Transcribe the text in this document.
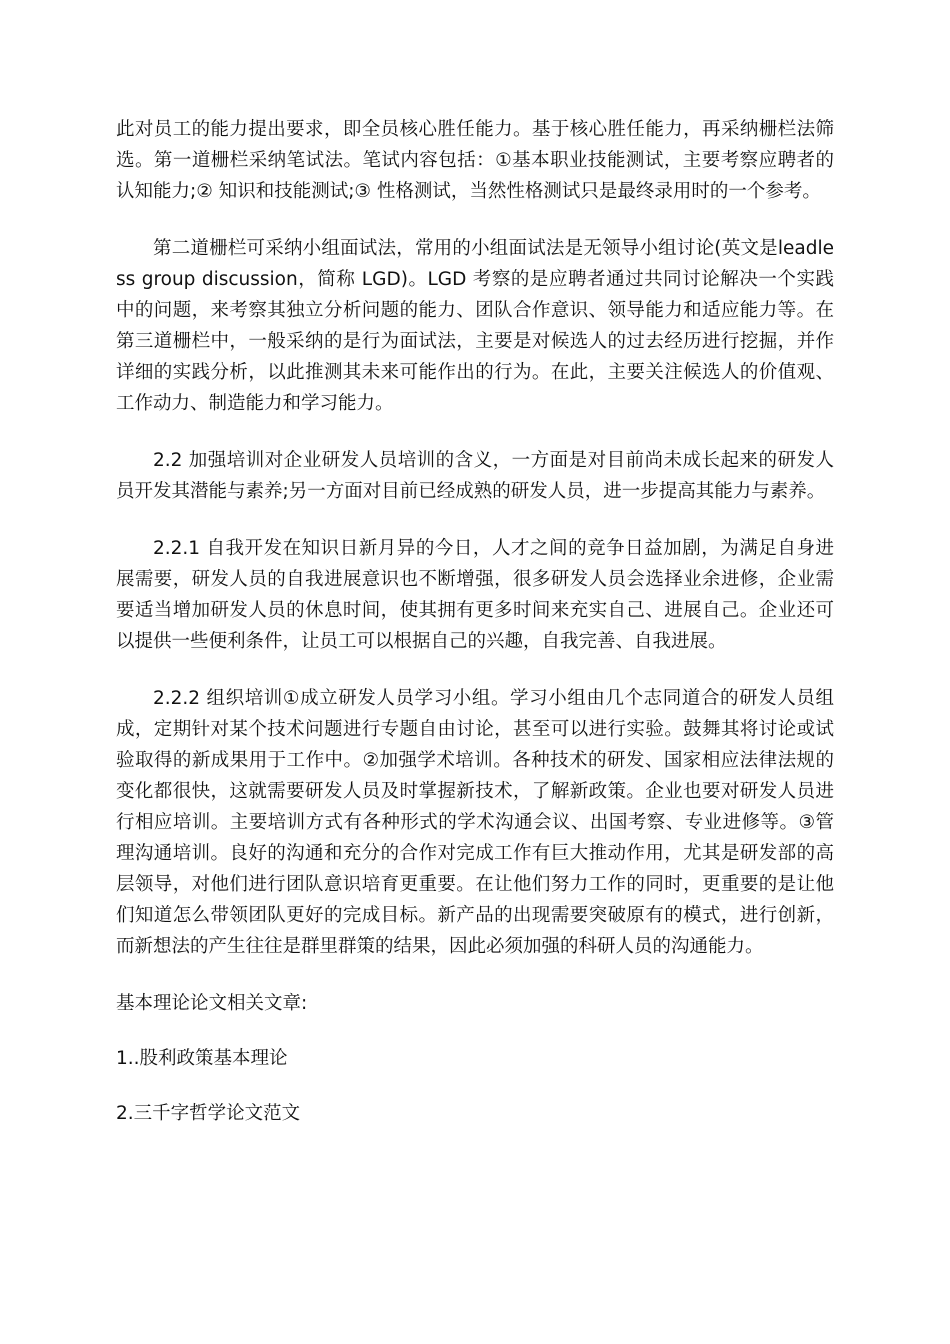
此对员工的能力提出要求，即全员核心胜任能力。基于核心胜任能力，再采纳栅栏法筛选。第一道栅栏采纳笔试法。笔试内容包括：①基本职业技能测试，主要考察应聘者的认知能力;② 知识和技能测试;③ 性格测试，当然性格测试只是最终录用时的一个参考。

第二道栅栏可采纳小组面试法，常用的小组面试法是无领导小组讨论(英文是leadless group discussion，简称 LGD)。LGD 考察的是应聘者通过共同讨论解决一个实践中的问题，来考察其独立分析问题的能力、团队合作意识、领导能力和适应能力等。在第三道栅栏中，一般采纳的是行为面试法，主要是对候选人的过去经历进行挖掘，并作详细的实践分析，以此推测其未来可能作出的行为。在此，主要关注候选人的价值观、工作动力、制造能力和学习能力。

2.2 加强培训对企业研发人员培训的含义，一方面是对目前尚未成长起来的研发人员开发其潜能与素养;另一方面对目前已经成熟的研发人员，进一步提高其能力与素养。

2.2.1 自我开发在知识日新月异的今日，人才之间的竞争日益加剧，为满足自身进展需要，研发人员的自我进展意识也不断增强，很多研发人员会选择业余进修，企业需要适当增加研发人员的休息时间，使其拥有更多时间来充实自己、进展自己。企业还可以提供一些便利条件，让员工可以根据自己的兴趣，自我完善、自我进展。

2.2.2 组织培训①成立研发人员学习小组。学习小组由几个志同道合的研发人员组成，定期针对某个技术问题进行专题自由讨论，甚至可以进行实验。鼓舞其将讨论或试验取得的新成果用于工作中。②加强学术培训。各种技术的研发、国家相应法律法规的变化都很快，这就需要研发人员及时掌握新技术，了解新政策。企业也要对研发人员进行相应培训。主要培训方式有各种形式的学术沟通会议、出国考察、专业进修等。③管理沟通培训。良好的沟通和充分的合作对完成工作有巨大推动作用，尤其是研发部的高层领导，对他们进行团队意识培育更重要。在让他们努力工作的同时，更重要的是让他们知道怎么带领团队更好的完成目标。新产品的出现需要突破原有的模式，进行创新，而新想法的产生往往是群里群策的结果，因此必须加强的科研人员的沟通能力。

基本理论论文相关文章:
1..股利政策基本理论
2.三千字哲学论文范文
